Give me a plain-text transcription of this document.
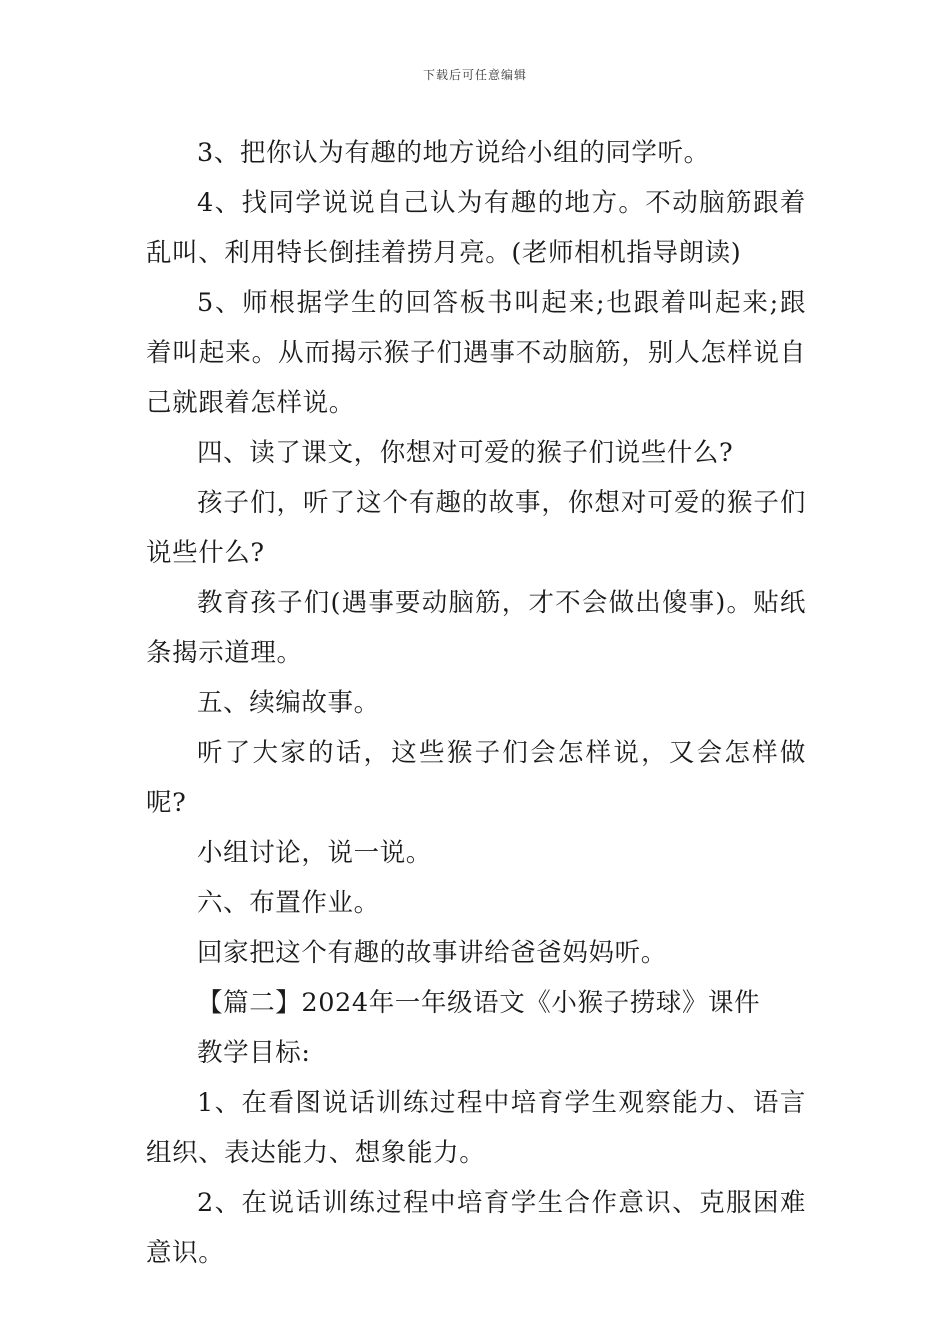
下载后可任意编辑

3、把你认为有趣的地方说给小组的同学听。

4、找同学说说自己认为有趣的地方。不动脑筋跟着乱叫、利用特长倒挂着捞月亮。(老师相机指导朗读)

5、师根据学生的回答板书叫起来;也跟着叫起来;跟着叫起来。从而揭示猴子们遇事不动脑筋，别人怎样说自己就跟着怎样说。

四、读了课文，你想对可爱的猴子们说些什么?

孩子们，听了这个有趣的故事，你想对可爱的猴子们说些什么?

教育孩子们(遇事要动脑筋，才不会做出傻事)。贴纸条揭示道理。

五、续编故事。

听了大家的话，这些猴子们会怎样说，又会怎样做呢?

小组讨论，说一说。

六、布置作业。

回家把这个有趣的故事讲给爸爸妈妈听。

【篇二】2024年一年级语文《小猴子捞球》课件

教学目标:

1、在看图说话训练过程中培育学生观察能力、语言组织、表达能力、想象能力。

2、在说话训练过程中培育学生合作意识、克服困难意识。
